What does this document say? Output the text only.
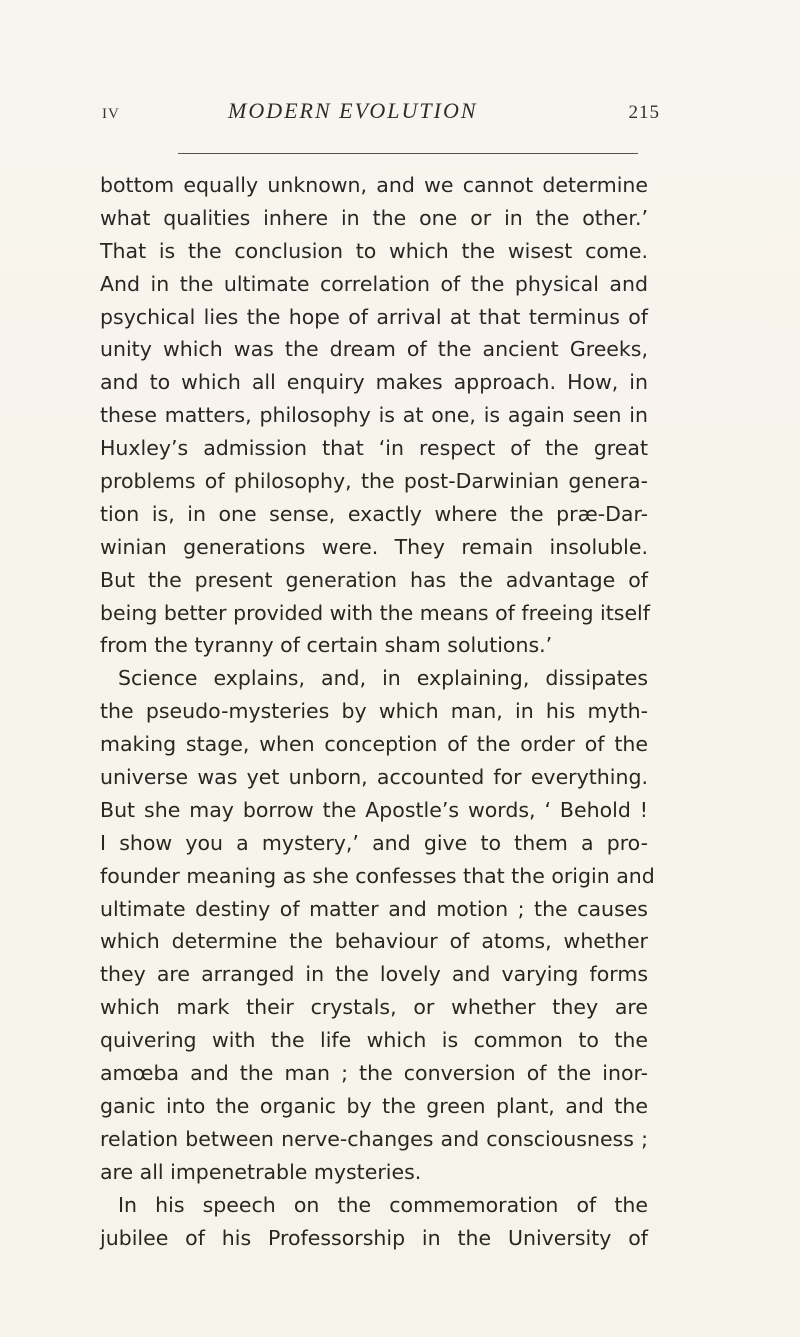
IV	MODERN EVOLUTION	215
bottom equally unknown, and we cannot determine
what qualities inhere in the one or in the other.’
That is the conclusion to which the wisest come.
And in the ultimate correlation of the physical and
psychical lies the hope of arrival at that terminus of
unity which was the dream of the ancient Greeks,
and to which all enquiry makes approach. How, in
these matters, philosophy is at one, is again seen in
Huxley’s admission that ‘in respect of the great
problems of philosophy, the post-Darwinian genera-
tion is, in one sense, exactly where the præ-Dar-
winian generations were. They remain insoluble.
But the present generation has the advantage of
being better provided with the means of freeing itself
from the tyranny of certain sham solutions.’
Science explains, and, in explaining, dissipates
the pseudo-mysteries by which man, in his myth-
making stage, when conception of the order of the
universe was yet unborn, accounted for everything.
But she may borrow the Apostle’s words, ‘ Behold !
I show you a mystery,’ and give to them a pro-
founder meaning as she confesses that the origin and
ultimate destiny of matter and motion ; the causes
which determine the behaviour of atoms, whether
they are arranged in the lovely and varying forms
which mark their crystals, or whether they are
quivering with the life which is common to the
amœba and the man ; the conversion of the inor-
ganic into the organic by the green plant, and the
relation between nerve-changes and consciousness ;
are all impenetrable mysteries.
In his speech on the commemoration of the
jubilee of his Professorship in the University of
